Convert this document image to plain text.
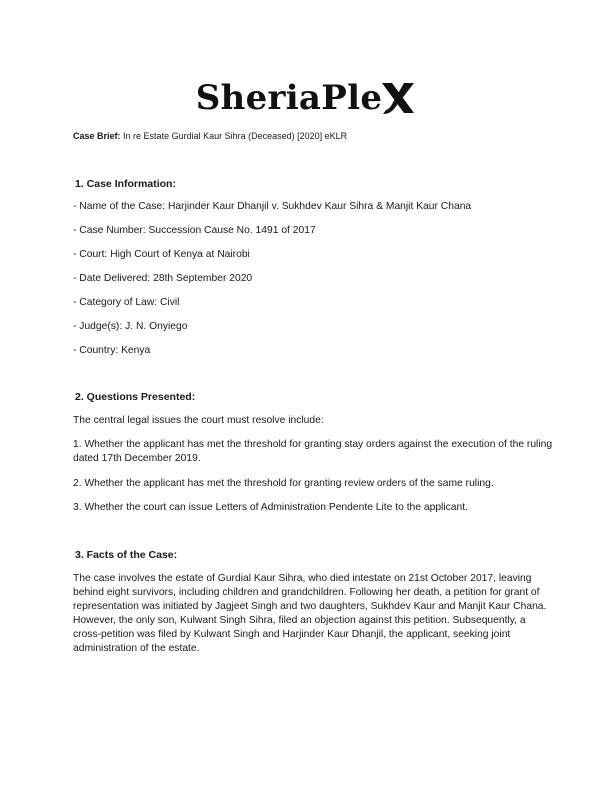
SheriaPle
Case Brief: In re Estate Gurdial Kaur Sihra (Deceased) [2020] eKLR
1. Case Information:
- Name of the Case: Harjinder Kaur Dhanjil v. Sukhdev Kaur Sihra & Manjit Kaur Chana
- Case Number: Succession Cause No. 1491 of 2017
- Court: High Court of Kenya at Nairobi
- Date Delivered: 28th September 2020
- Category of Law: Civil
- Judge(s): J. N. Onyiego
- Country: Kenya
2. Questions Presented:
The central legal issues the court must resolve include:
1. Whether the applicant has met the threshold for granting stay orders against the execution of the ruling dated 17th December 2019.
2. Whether the applicant has met the threshold for granting review orders of the same ruling.
3. Whether the court can issue Letters of Administration Pendente Lite to the applicant.
3. Facts of the Case:
The case involves the estate of Gurdial Kaur Sihra, who died intestate on 21st October 2017, leaving behind eight survivors, including children and grandchildren. Following her death, a petition for grant of representation was initiated by Jagjeet Singh and two daughters, Sukhdev Kaur and Manjit Kaur Chana. However, the only son, Kulwant Singh Sihra, filed an objection against this petition. Subsequently, a cross-petition was filed by Kulwant Singh and Harjinder Kaur Dhanjil, the applicant, seeking joint administration of the estate.
